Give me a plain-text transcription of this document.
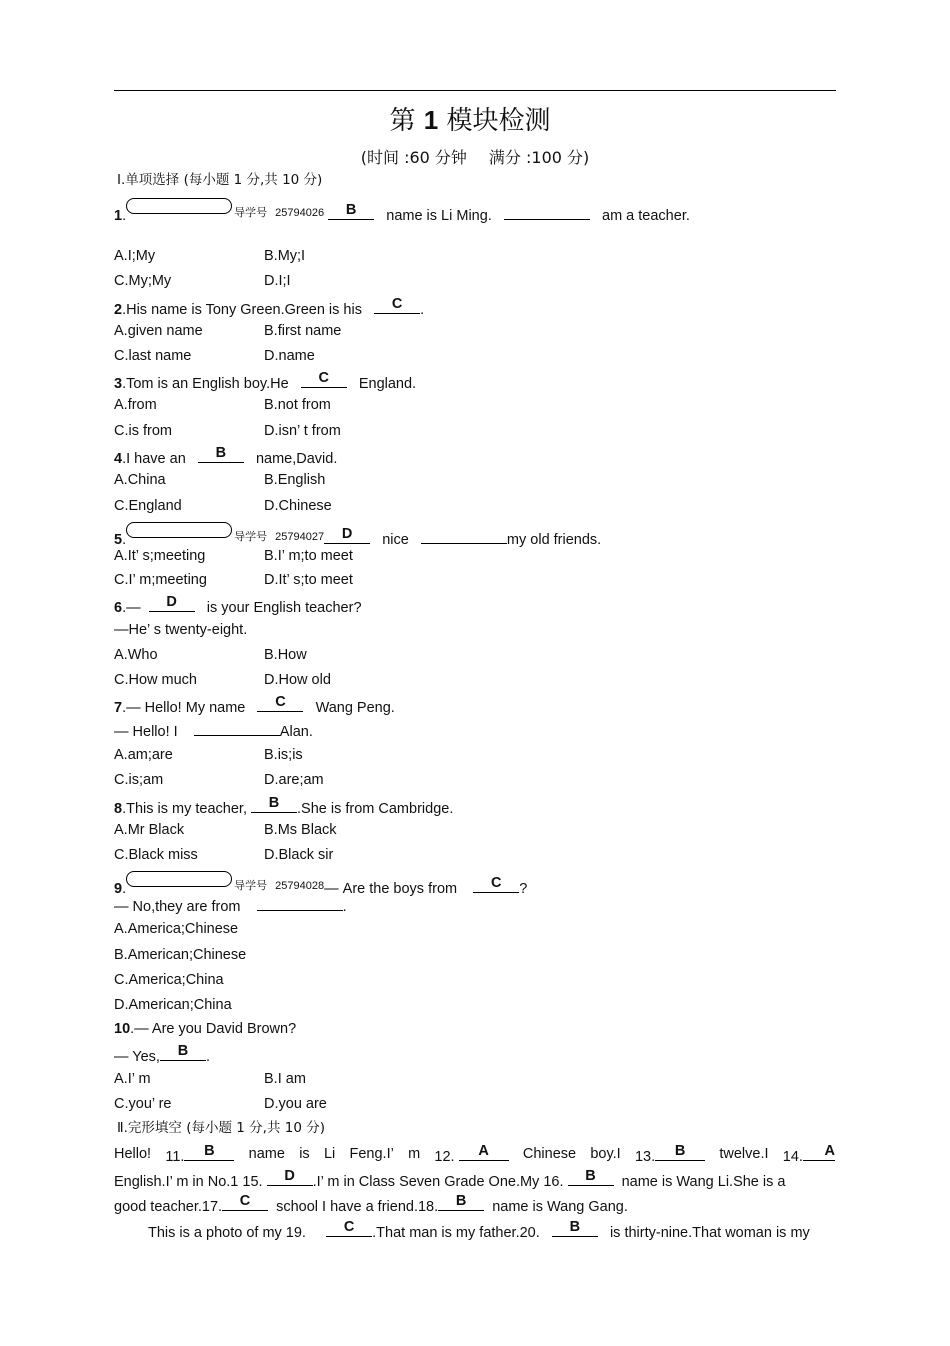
第 1 模块检测
(时间 :60 分钟 满分 :100 分)
Ⅰ.单项选择 (每小题 1 分,共 10 分)
1.	$^{导学号}$ $^{25794026}$	B	name is Li Ming.	am a teacher.
A.I;My	B.My;I
C.My;My	D.I;I
2.His name is Tony Green.Green is his	C	.
A.given name	B.first name
C.last name	D.name
3.Tom is an English boy.He	C	England.
A.from	B.not from
C.is from	D.isn’ t from
4.I have an	B	name,David.
A.China	B.English
C.England	D.Chinese
5.	$^{导学号}$ $^{25794027}$	D	nice	my old friends.
A.It’ s;meeting	B.I’ m;to meet
C.I’ m;meeting	D.It’ s;to meet
6.—	D	is your English teacher?
—He’ s twenty-eight.
A.Who	B.How
C.How much	D.How old
7.— Hello! My name	C	Wang Peng.
— Hello! I	Alan.
A.am;are	B.is;is
C.is;am	D.are;am
8.This is my teacher,	B	.She is from Cambridge.
A.Mr Black	B.Ms Black
C.Black miss	D.Black sir
9.	$^{导学号}$ $^{25794028}$— Are the boys from	C	?
— No,they are from	.
A.America;Chinese
B.American;Chinese
C.America;China
D.American;China
10.— Are you David Brown?
— Yes,	B	.
A.I’ m	B.I am
C.you’ re	D.you are
Ⅱ.完形填空 (每小题 1 分,共 10 分)
Hello! 11.	B	name is Li Feng.I’ m 12.	A	Chinese boy.I 13.	B	twelve.I 14. A
English.I’ m in No.1 15.	D	.I’ m in Class Seven Grade One.My 16.	B	name is Wang Li.She is a
good teacher.17.	C	school I have a friend.18.	B	name is Wang Gang.
This is a photo of my 19.	C	.That man is my father.20.	B	is thirty-nine.That woman is my
